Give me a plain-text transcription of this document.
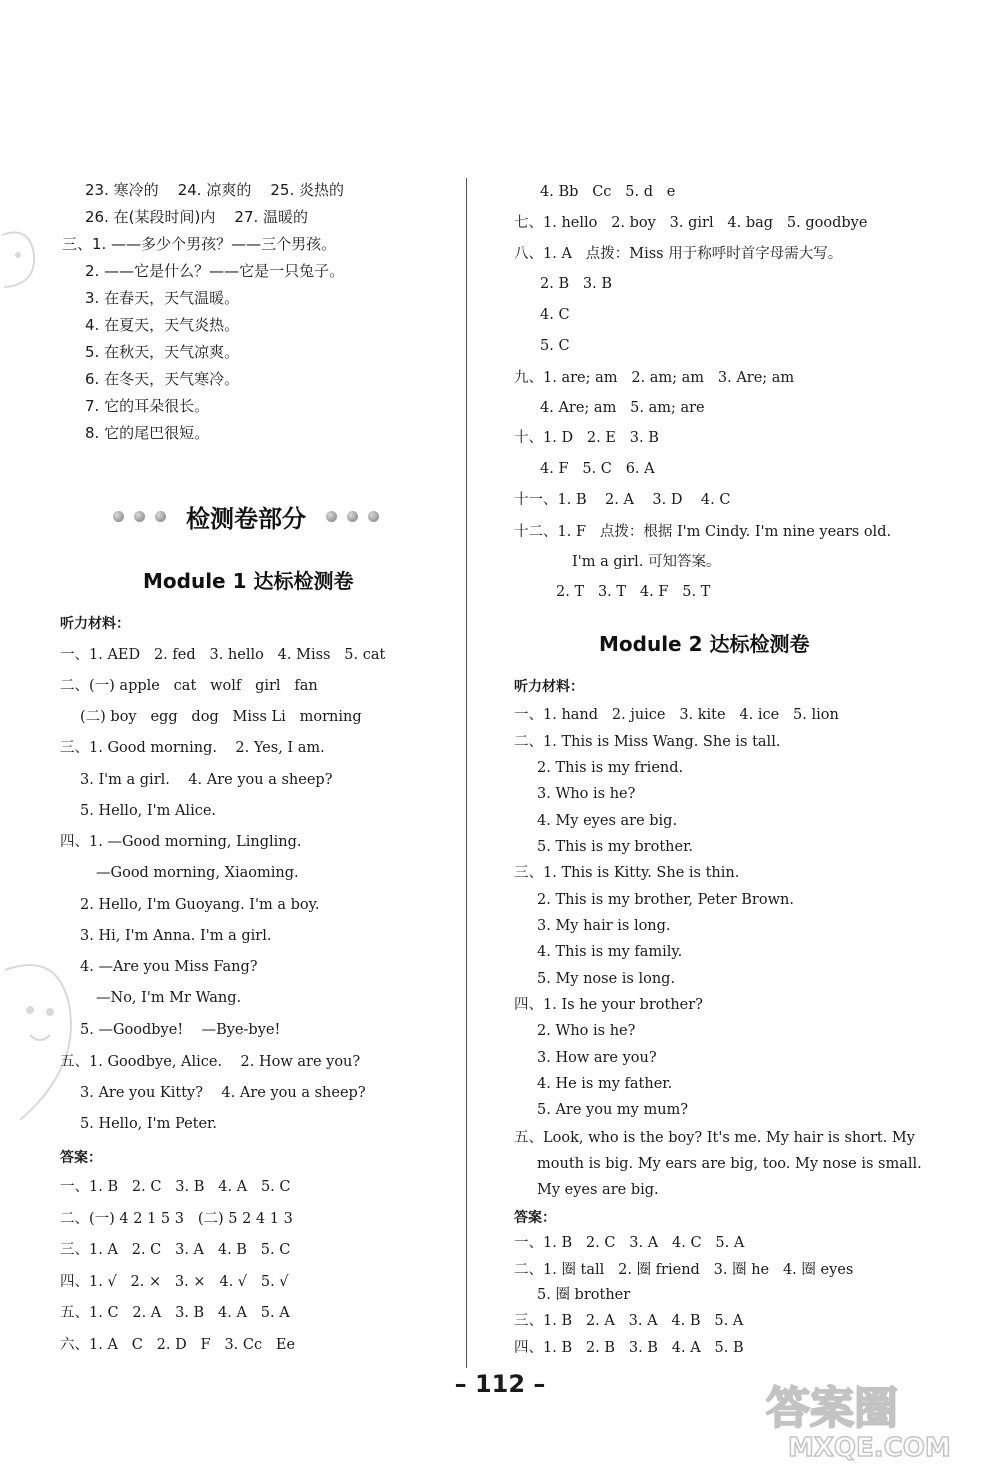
23. 寒冷的    24. 凉爽的    25. 炎热的
26. 在(某段时间)内    27. 温暖的
三、1. ——多少个男孩？——三个男孩。
2. ——它是什么？——它是一只兔子。
3. 在春天，天气温暖。
4. 在夏天，天气炎热。
5. 在秋天，天气凉爽。
6. 在冬天，天气寒冷。
7. 它的耳朵很长。
8. 它的尾巴很短。
检测卷部分
Module 1 达标检测卷
听力材料：
一、1. AED   2. fed   3. hello   4. Miss   5. cat
二、(一) apple   cat   wolf   girl   fan
(二) boy   egg   dog   Miss Li   morning
三、1. Good morning.    2. Yes, I am.
3. I'm a girl.    4. Are you a sheep?
5. Hello, I'm Alice.
四、1. —Good morning, Lingling.
—Good morning, Xiaoming.
2. Hello, I'm Guoyang. I'm a boy.
3. Hi, I'm Anna. I'm a girl.
4. —Are you Miss Fang?
—No, I'm Mr Wang.
5. —Goodbye!    —Bye-bye!
五、1. Goodbye, Alice.    2. How are you?
3. Are you Kitty?    4. Are you a sheep?
5. Hello, I'm Peter.
答案：
一、1. B   2. C   3. B   4. A   5. C
二、(一) 4 2 1 5 3   (二) 5 2 4 1 3
三、1. A   2. C   3. A   4. B   5. C
四、1. √   2. ×   3. ×   4. √   5. √
五、1. C   2. A   3. B   4. A   5. A
六、1. A   C   2. D   F   3. Cc   Ee
4. Bb   Cc   5. d   e
七、1. hello   2. boy   3. girl   4. bag   5. goodbye
八、1. A   点拨：Miss 用于称呼时首字母需大写。
2. B   3. B
4. C
5. C
九、1. are; am   2. am; am   3. Are; am
4. Are; am   5. am; are
十、1. D   2. E   3. B
4. F   5. C   6. A
十一、1. B    2. A    3. D    4. C
十二、1. F   点拨：根据 I'm Cindy. I'm nine years old.
I'm a girl. 可知答案。
2. T   3. T   4. F   5. T
Module 2 达标检测卷
听力材料：
一、1. hand   2. juice   3. kite   4. ice   5. lion
二、1. This is Miss Wang. She is tall.
2. This is my friend.
3. Who is he?
4. My eyes are big.
5. This is my brother.
三、1. This is Kitty. She is thin.
2. This is my brother, Peter Brown.
3. My hair is long.
4. This is my family.
5. My nose is long.
四、1. Is he your brother?
2. Who is he?
3. How are you?
4. He is my father.
5. Are you my mum?
五、Look, who is the boy? It's me. My hair is short. My
mouth is big. My ears are big, too. My nose is small.
My eyes are big.
答案：
一、1. B   2. C   3. A   4. C   5. A
二、1. 圈 tall   2. 圈 friend   3. 圈 he   4. 圈 eyes
5. 圈 brother
三、1. B   2. A   3. A   4. B   5. A
四、1. B   2. B   3. B   4. A   5. B
– 112 –	答案圈
MXQE.COM
